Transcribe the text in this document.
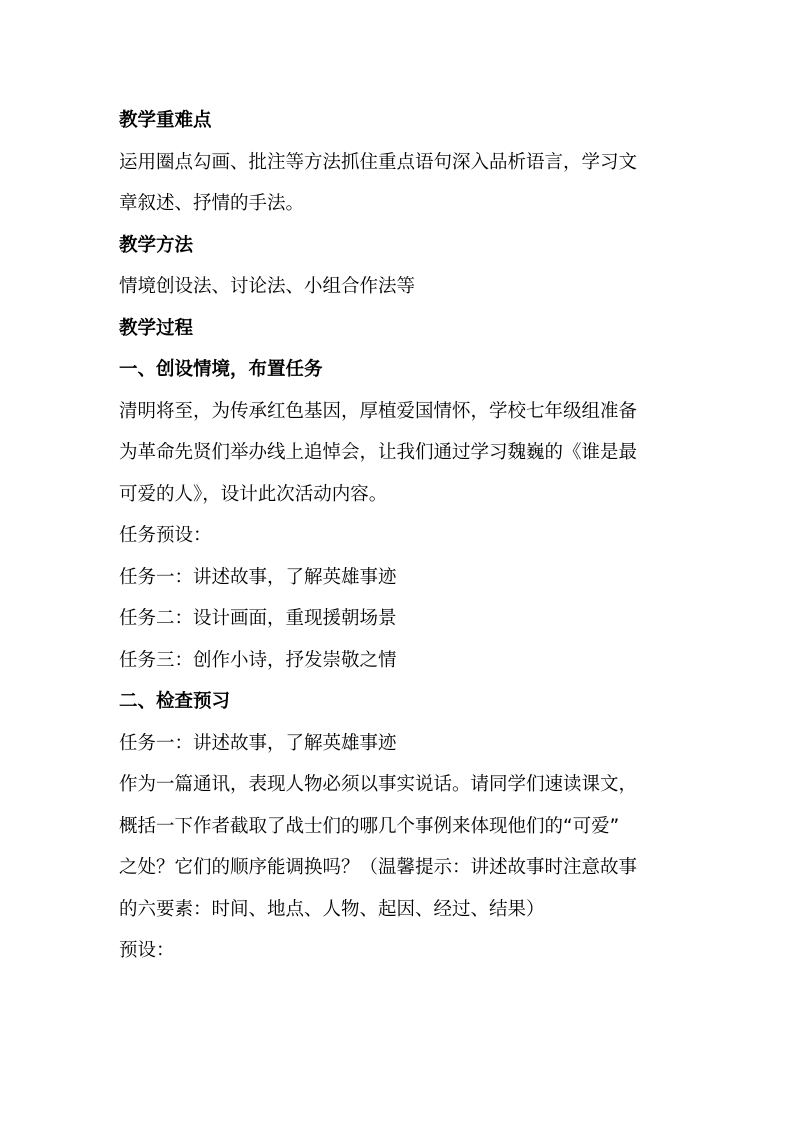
教学重难点
运用圈点勾画、批注等方法抓住重点语句深入品析语言，学习文
章叙述、抒情的手法。
教学方法
情境创设法、讨论法、小组合作法等
教学过程
一、创设情境，布置任务
清明将至，为传承红色基因，厚植爱国情怀，学校七年级组准备
为革命先贤们举办线上追悼会，让我们通过学习魏巍的《谁是最
可爱的人》，设计此次活动内容。
任务预设：
任务一：讲述故事，了解英雄事迹
任务二：设计画面，重现援朝场景
任务三：创作小诗，抒发崇敬之情
二、检查预习
任务一：讲述故事，了解英雄事迹
作为一篇通讯，表现人物必须以事实说话。请同学们速读课文，
概括一下作者截取了战士们的哪几个事例来体现他们的“可爱”
之处？它们的顺序能调换吗？（温馨提示：讲述故事时注意故事
的六要素：时间、地点、人物、起因、经过、结果）
预设：
